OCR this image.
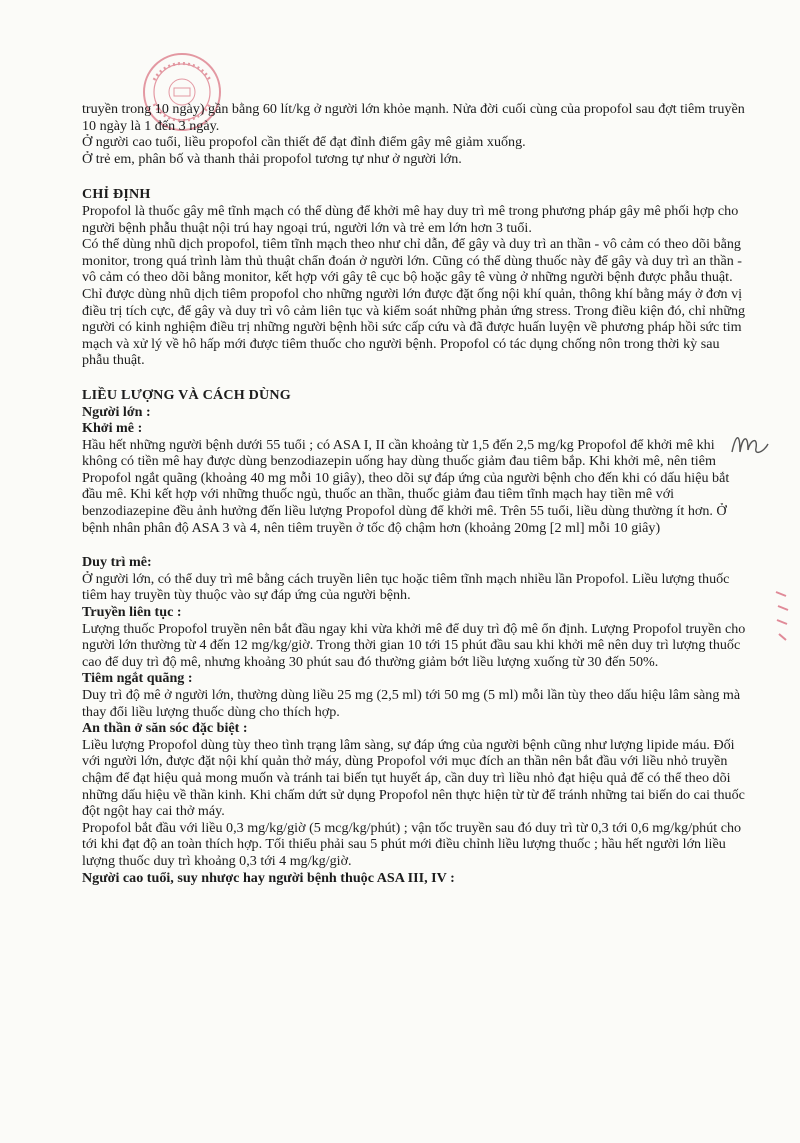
truyền trong 10 ngày) gần bằng 60 lít/kg ở người lớn khỏe mạnh. Nửa đời cuối cùng của propofol sau đợt tiêm truyền 10 ngày là 1 đến 3 ngày.

Ở người cao tuổi, liều propofol cần thiết để đạt đỉnh điểm gây mê giảm xuống.

Ở trẻ em, phân bố và thanh thải propofol tương tự như ở người lớn.

CHỈ ĐỊNH

Propofol là thuốc gây mê tĩnh mạch có thể dùng để khởi mê hay duy trì mê trong phương pháp gây mê phối hợp cho người bệnh phẫu thuật nội trú hay ngoại trú, người lớn và trẻ em lớn hơn 3 tuổi.

Có thể dùng nhũ dịch propofol, tiêm tĩnh mạch theo như chỉ dẫn, để gây và duy trì an thần - vô cảm có theo dõi bằng monitor, trong quá trình làm thủ thuật chẩn đoán ở người lớn. Cũng có thể dùng thuốc này để gây và duy trì an thần - vô cảm có theo dõi bằng monitor, kết hợp với gây tê cục bộ hoặc gây tê vùng ở những người bệnh được phẫu thuật.

Chỉ được dùng nhũ dịch tiêm propofol cho những người lớn được đặt ống nội khí quản, thông khí bằng máy ở đơn vị điều trị tích cực, để gây và duy trì vô cảm liên tục và kiểm soát những phản ứng stress. Trong điều kiện đó, chỉ những người có kinh nghiệm điều trị những người bệnh hồi sức cấp cứu và đã được huấn luyện về phương pháp hồi sức tim mạch và xử lý về hô hấp mới được tiêm thuốc cho người bệnh. Propofol có tác dụng chống nôn trong thời kỳ sau phẫu thuật.

LIỀU LƯỢNG VÀ CÁCH DÙNG

Người lớn :

Khởi mê :

Hầu hết những người bệnh dưới 55 tuổi ; có ASA I, II cần khoảng từ 1,5 đến 2,5 mg/kg Propofol để khởi mê khi không có tiền mê hay được dùng benzodiazepin uống hay dùng thuốc giảm đau tiêm bắp. Khi khởi mê, nên tiêm Propofol ngắt quãng (khoảng 40 mg mỗi 10 giây), theo dõi sự đáp ứng của người bệnh cho đến khi có dấu hiệu bắt đầu mê. Khi kết hợp với những thuốc ngủ, thuốc an thần, thuốc giảm đau tiêm tĩnh mạch hay tiền mê với benzodiazepine đều ảnh hưởng đến liều lượng Propofol dùng để khởi mê. Trên 55 tuổi, liều dùng thường ít hơn. Ở bệnh nhân phân độ ASA 3 và 4, nên tiêm truyền ở tốc độ chậm hơn (khoảng 20mg [2 ml] mỗi 10 giây)

Duy trì mê:

Ở người lớn, có thể duy trì mê bằng cách truyền liên tục hoặc tiêm tĩnh mạch nhiều lần Propofol. Liều lượng thuốc tiêm hay truyền tùy thuộc vào sự đáp ứng của người bệnh.

Truyền liên tục :

Lượng thuốc Propofol truyền nên bắt đầu ngay khi vừa khởi mê để duy trì độ mê ổn định. Lượng Propofol truyền cho người lớn thường từ 4 đến 12 mg/kg/giờ. Trong thời gian 10 tới 15 phút đầu sau khi khởi mê nên duy trì lượng thuốc cao để duy trì độ mê, nhưng khoảng 30 phút sau đó thường giảm bớt liều lượng xuống từ 30 đến 50%.

Tiêm ngắt quãng :

Duy trì độ mê ở người lớn, thường dùng liều 25 mg (2,5 ml) tới 50 mg (5 ml) mỗi lần tùy theo dấu hiệu lâm sàng mà thay đổi liều lượng thuốc dùng cho thích hợp.

An thần ở săn sóc đặc biệt :

Liều lượng Propofol dùng tùy theo tình trạng lâm sàng, sự đáp ứng của người bệnh cũng như lượng lipide máu. Đối với người lớn, được đặt nội khí quản thở máy, dùng Propofol với mục đích an thần nên bắt đầu với liều nhỏ truyền chậm để đạt hiệu quả mong muốn và tránh tai biến tụt huyết áp, cần duy trì liều nhỏ đạt hiệu quả để có thể theo dõi những dấu hiệu về thần kinh. Khi chấm dứt sử dụng Propofol nên thực hiện từ từ để tránh những tai biến do cai thuốc đột ngột hay cai thở máy.

Propofol bắt đầu với liều 0,3 mg/kg/giờ (5 mcg/kg/phút) ; vận tốc truyền sau đó duy trì từ 0,3 tới 0,6 mg/kg/phút cho tới khi đạt độ an toàn thích hợp. Tối thiểu phải sau 5 phút mới điều chỉnh liều lượng thuốc ; hầu hết người lớn liều lượng thuốc duy trì khoảng 0,3 tới 4 mg/kg/giờ.

Người cao tuổi, suy nhược hay người bệnh thuộc ASA III, IV :
